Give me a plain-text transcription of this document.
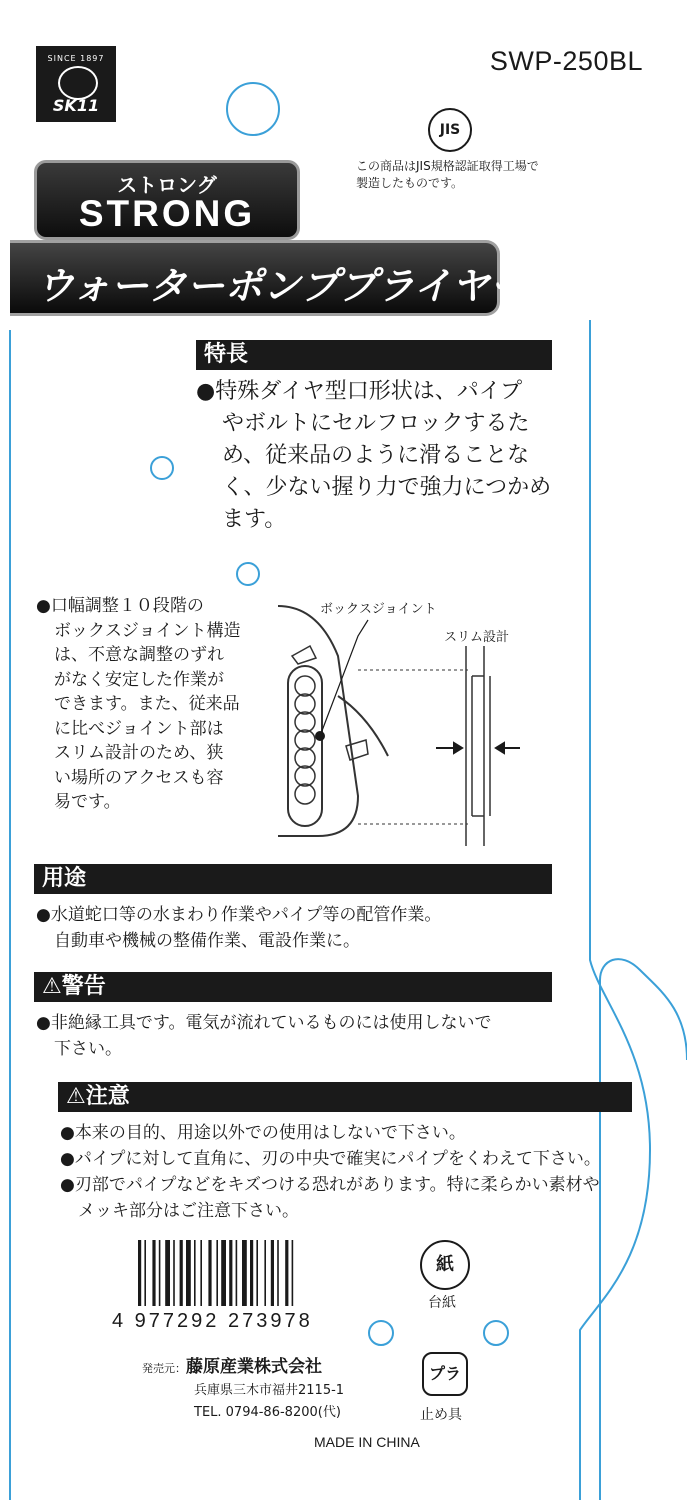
SINCE 1897
SK11
SWP-250BL
JIS
この商品はJIS規格認証取得工場で
製造したものです。
ストロング
STRONG
ウォーターポンププライヤー
特長
● 特殊ダイヤ型口形状は、パイプ
やボルトにセルフロックするた
め、従来品のように滑ることな
く、少ない握り力で強力につかめ
ます。
● 口幅調整１０段階の
ボックスジョイント構造
は、不意な調整のずれ
がなく安定した作業が
できます。また、従来品
に比べジョイント部は
スリム設計のため、狭
い場所のアクセスも容
易です。
ボックスジョイント
スリム設計
用途
● 水道蛇口等の水まわり作業やパイプ等の配管作業。
自動車や機械の整備作業、電設作業に。
⚠警告
● 非絶縁工具です。電気が流れているものには使用しないで
下さい。
⚠注意
● 本来の目的、用途以外での使用はしないで下さい。
● パイプに対して直角に、刃の中央で確実にパイプをくわえて下さい。
● 刃部でパイプなどをキズつける恐れがあります。特に柔らかい素材や
メッキ部分はご注意下さい。
4 977292 273978
紙
台紙
プラ
止め具
発売元：藤原産業株式会社
兵庫県三木市福井2115-1
TEL. 0794-86-8200(代)
MADE IN CHINA
